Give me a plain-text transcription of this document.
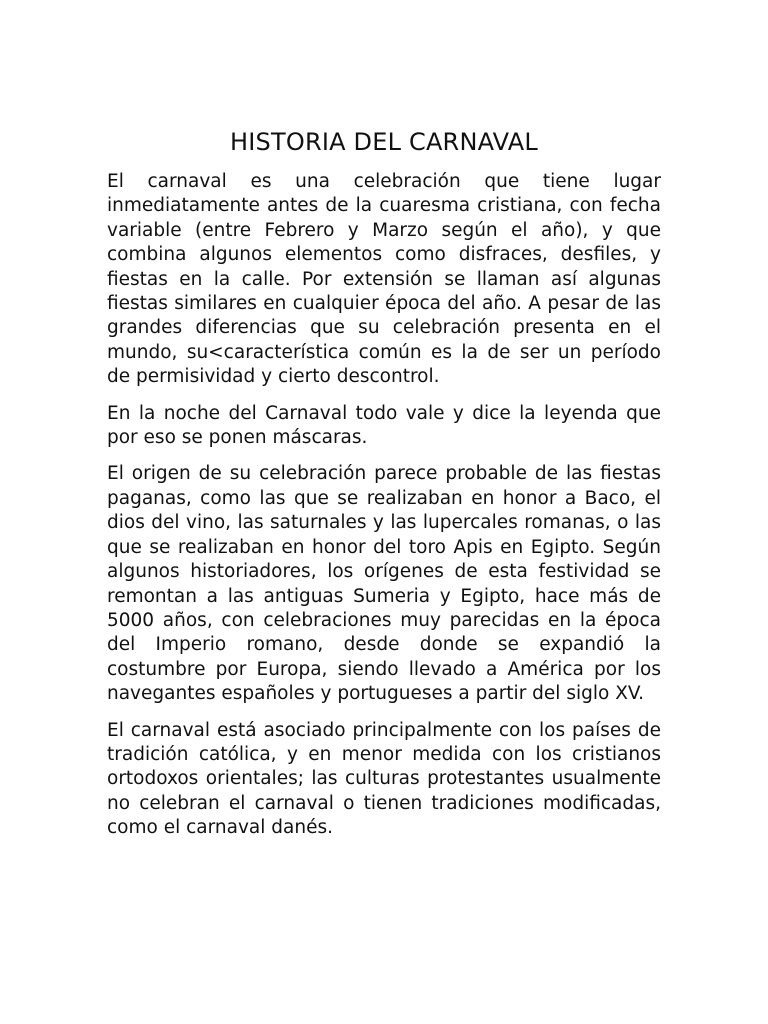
HISTORIA DEL CARNAVAL

El carnaval es una celebración que tiene lugar inmediatamente antes de la cuaresma cristiana, con fecha variable (entre Febrero y Marzo según el año), y que combina algunos elementos como disfraces, desfiles, y fiestas en la calle. Por extensión se llaman así algunas fiestas similares en cualquier época del año. A pesar de las grandes diferencias que su celebración presenta en el mundo, su<característica común es la de ser un período de permisividad y cierto descontrol.

En la noche del Carnaval todo vale y dice la leyenda que por eso se ponen máscaras.

El origen de su celebración parece probable de las fiestas paganas, como las que se realizaban en honor a Baco, el dios del vino, las saturnales y las lupercales romanas, o las que se realizaban en honor del toro Apis en Egipto. Según algunos historiadores, los orígenes de esta festividad se remontan a las antiguas Sumeria y Egipto, hace más de 5000 años, con celebraciones muy parecidas en la época del Imperio romano, desde donde se expandió la costumbre por Europa, siendo llevado a América por los navegantes españoles y portugueses a partir del siglo XV.

El carnaval está asociado principalmente con los países de tradición católica, y en menor medida con los cristianos ortodoxos orientales; las culturas protestantes usualmente no celebran el carnaval o tienen tradiciones modificadas, como el carnaval danés.
